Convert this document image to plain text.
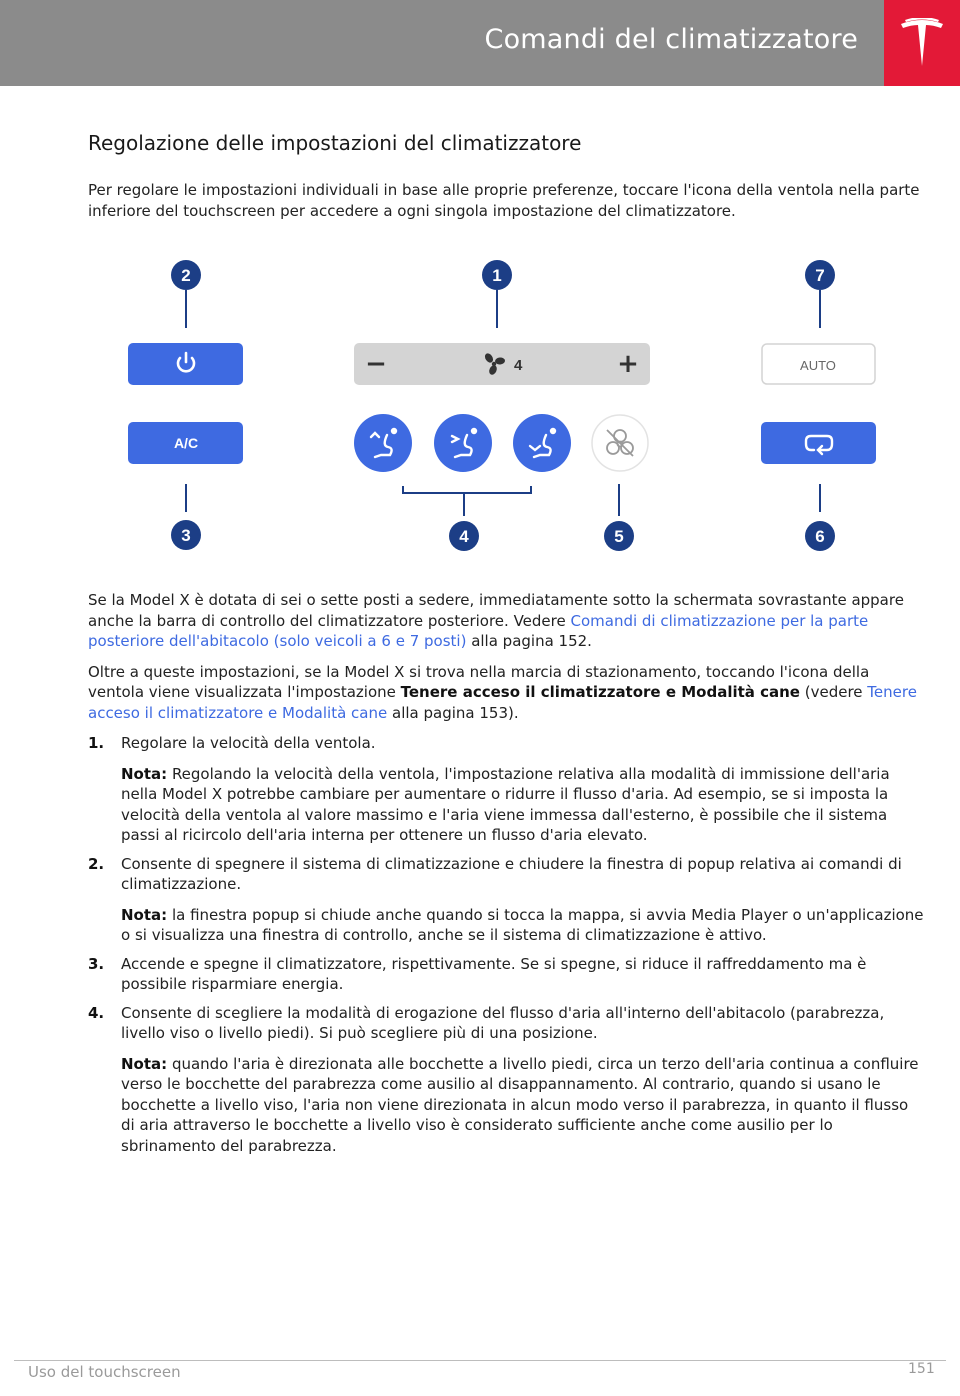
Comandi del climatizzatore
Regolazione delle impostazioni del climatizzatore
Per regolare le impostazioni individuali in base alle proprie preferenze, toccare l'icona della ventola nella parte inferiore del touchscreen per accedere a ogni singola impostazione del climatizzatore.
2	1	7
3	4	5	6
A/C
−	4	+	AUTO

Se la Model X è dotata di sei o sette posti a sedere, immediatamente sotto la schermata sovrastante appare anche la barra di controllo del climatizzatore posteriore. Vedere Comandi di climatizzazione per la parte posteriore dell'abitacolo (solo veicoli a 6 e 7 posti) alla pagina 152.

Oltre a queste impostazioni, se la Model X si trova nella marcia di stazionamento, toccando l'icona della ventola viene visualizzata l'impostazione Tenere acceso il climatizzatore e Modalità cane (vedere Tenere acceso il climatizzatore e Modalità cane alla pagina 153).

1. Regolare la velocità della ventola.
Nota: Regolando la velocità della ventola, l'impostazione relativa alla modalità di immissione dell'aria nella Model X potrebbe cambiare per aumentare o ridurre il flusso d'aria. Ad esempio, se si imposta la velocità della ventola al valore massimo e l'aria viene immessa dall'esterno, è possibile che il sistema passi al ricircolo dell'aria interna per ottenere un flusso d'aria elevato.
2. Consente di spegnere il sistema di climatizzazione e chiudere la finestra di popup relativa ai comandi di climatizzazione.
Nota: la finestra popup si chiude anche quando si tocca la mappa, si avvia Media Player o un'applicazione o si visualizza una finestra di controllo, anche se il sistema di climatizzazione è attivo.
3. Accende e spegne il climatizzatore, rispettivamente. Se si spegne, si riduce il raffreddamento ma è possibile risparmiare energia.
4. Consente di scegliere la modalità di erogazione del flusso d'aria all'interno dell'abitacolo (parabrezza, livello viso o livello piedi). Si può scegliere più di una posizione.
Nota: quando l'aria è direzionata alle bocchette a livello piedi, circa un terzo dell'aria continua a confluire verso le bocchette del parabrezza come ausilio al disappannamento. Al contrario, quando si usano le bocchette a livello viso, l'aria non viene direzionata in alcun modo verso il parabrezza, in quanto il flusso di aria attraverso le bocchette a livello viso è considerato sufficiente anche come ausilio per lo sbrinamento del parabrezza.
Uso del touchscreen	151
